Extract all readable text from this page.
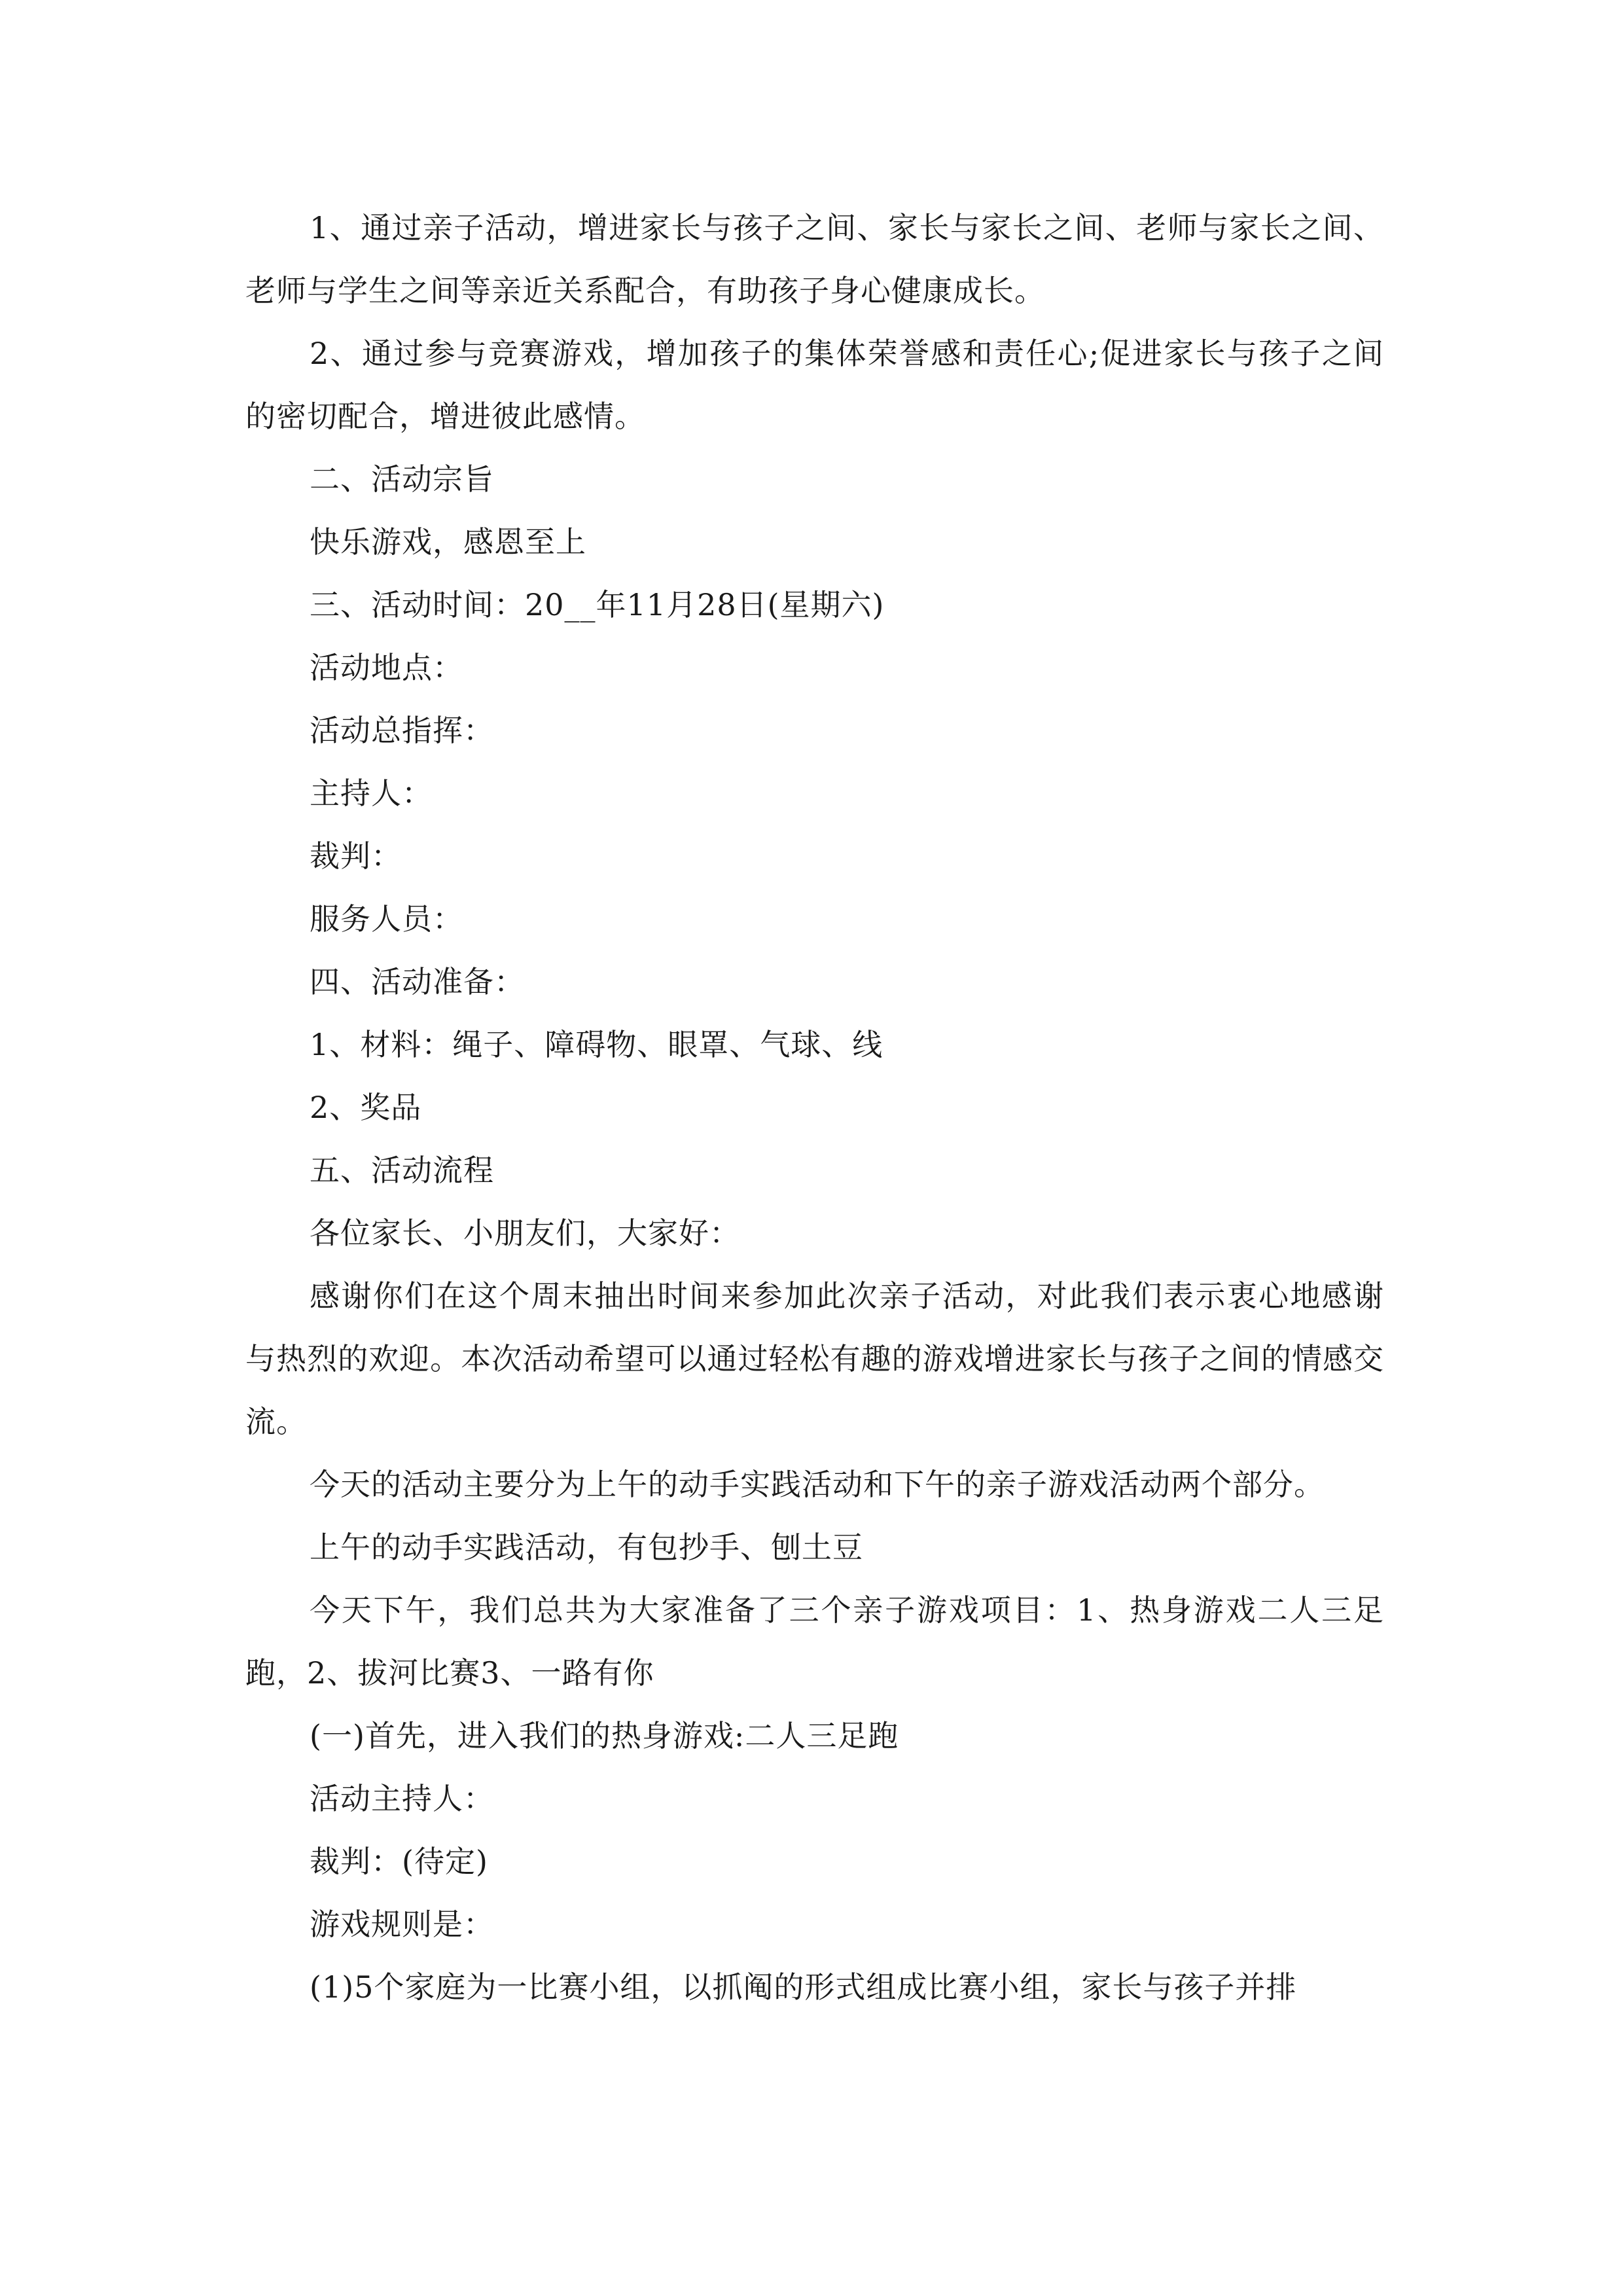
1、通过亲子活动，增进家长与孩子之间、家长与家长之间、老师与家长之间、老师与学生之间等亲近关系配合，有助孩子身心健康成长。

2、通过参与竞赛游戏，增加孩子的集体荣誉感和责任心;促进家长与孩子之间的密切配合，增进彼此感情。

二、活动宗旨

快乐游戏，感恩至上

三、活动时间：20__年11月28日(星期六)

活动地点：

活动总指挥：

主持人：

裁判：

服务人员：

四、活动准备：

1、材料：绳子、障碍物、眼罩、气球、线

2、奖品

五、活动流程

各位家长、小朋友们，大家好：

感谢你们在这个周末抽出时间来参加此次亲子活动，对此我们表示衷心地感谢与热烈的欢迎。本次活动希望可以通过轻松有趣的游戏增进家长与孩子之间的情感交流。

今天的活动主要分为上午的动手实践活动和下午的亲子游戏活动两个部分。

上午的动手实践活动，有包抄手、刨土豆

今天下午，我们总共为大家准备了三个亲子游戏项目：1、热身游戏二人三足跑，2、拔河比赛3、一路有你

(一)首先，进入我们的热身游戏:二人三足跑

活动主持人：

裁判：(待定)

游戏规则是：

(1)5个家庭为一比赛小组，以抓阄的形式组成比赛小组，家长与孩子并排
